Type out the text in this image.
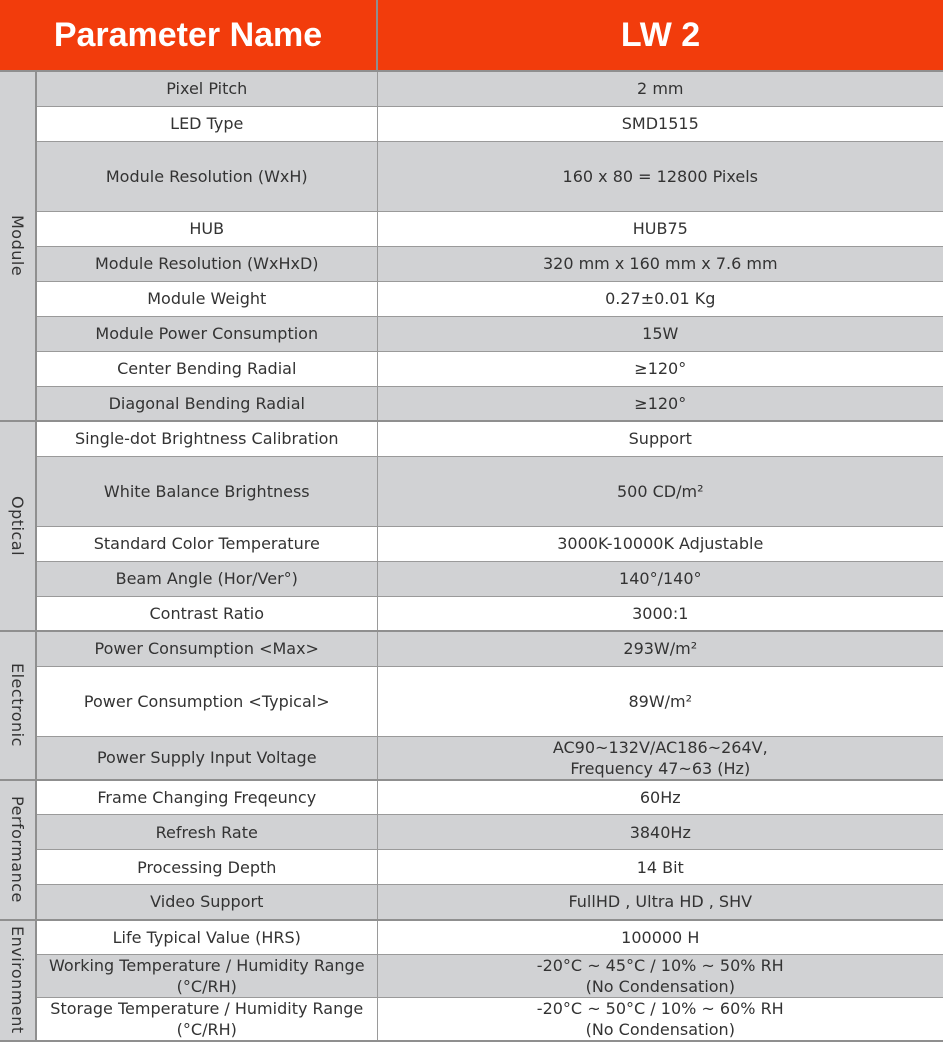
Parameter Name		LW 2

Module	Pixel Pitch	2 mm
	LED Type	SMD1515
	Module Resolution (WxH)	160 x 80 = 12800 Pixels
	HUB	HUB75
	Module Resolution (WxHxD)	320 mm x 160 mm x 7.6 mm
	Module Weight	0.27±0.01 Kg
	Module Power Consumption	15W
	Center Bending Radial	≥120°
	Diagonal Bending Radial	≥120°

Optical	Single-dot Brightness Calibration	Support
	White Balance Brightness	500 CD/m²
	Standard Color Temperature	3000K-10000K Adjustable
	Beam Angle (Hor/Ver°)	140°/140°
	Contrast Ratio	3000:1

Electronic	Power Consumption <Max>	293W/m²
	Power Consumption <Typical>	89W/m²
	Power Supply Input Voltage	AC90~132V/AC186~264V,
Frequency 47~63 (Hz)

Performance	Frame Changing Freqeuncy	60Hz
	Refresh Rate	3840Hz
	Processing Depth	14 Bit
	Video Support	FullHD , Ultra HD , SHV

Environment	Life Typical Value (HRS)	100000 H
	Working Temperature / Humidity Range
(°C/RH)	-20°C ~ 45°C / 10% ~ 50% RH
(No Condensation)
	Storage Temperature / Humidity Range
(°C/RH)	-20°C ~ 50°C / 10% ~ 60% RH
(No Condensation)
